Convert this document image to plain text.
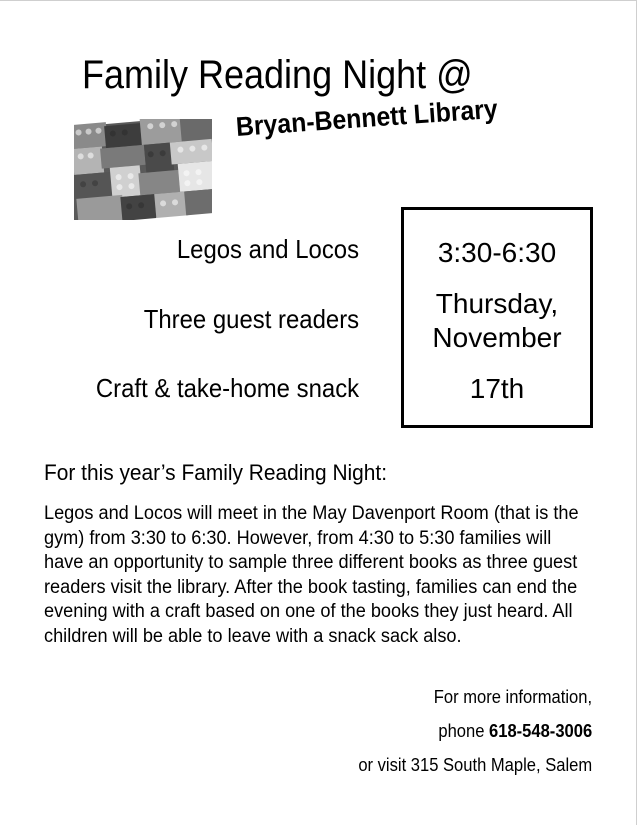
Family Reading Night @
Bryan-Bennett Library
Legos and Locos
Three guest readers
Craft & take-home snack
3:30-6:30
Thursday,
November
17th
For this year’s Family Reading Night:
Legos and Locos will meet in the May Davenport Room (that is the gym) from 3:30 to 6:30. However, from 4:30 to 5:30 families will have an opportunity to sample three different books as three guest readers visit the library. After the book tasting, families can end the evening with a craft based on one of the books they just heard. All children will be able to leave with a snack sack also.
For more information,
phone 618-548-3006
or visit 315 South Maple, Salem
